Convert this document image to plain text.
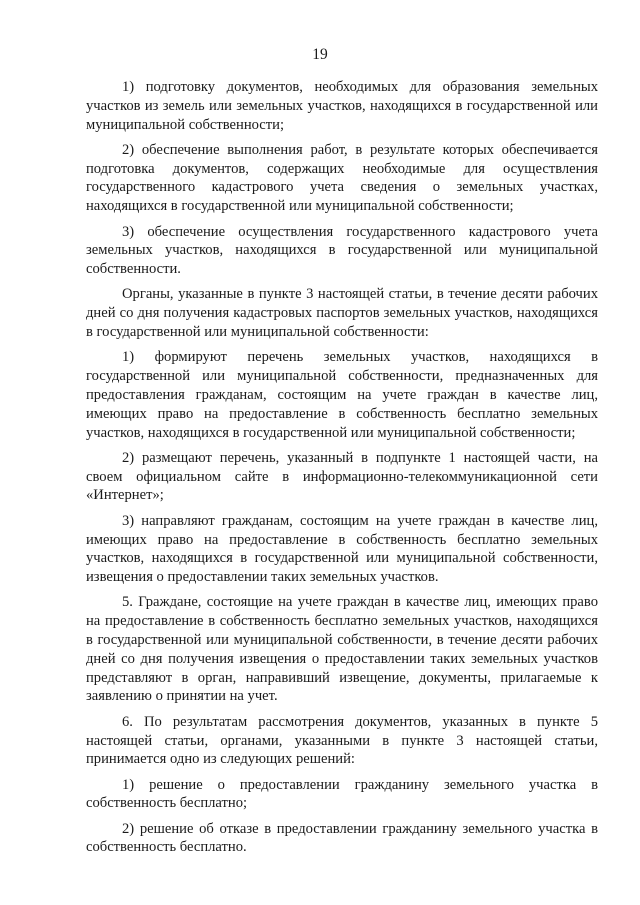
19

1) подготовку документов, необходимых для образования земельных участков из земель или земельных участков, находящихся в государственной или муниципальной собственности;

2) обеспечение выполнения работ, в результате которых обеспечивается подготовка документов, содержащих необходимые для осуществления государственного кадастрового учета сведения о земельных участках, находящихся в государственной или муниципальной собственности;

3) обеспечение осуществления государственного кадастрового учета земельных участков, находящихся в государственной или муниципальной собственности.

Органы, указанные в пункте 3 настоящей статьи, в течение десяти рабочих дней со дня получения кадастровых паспортов земельных участков, находящихся в государственной или муниципальной собственности:

1) формируют перечень земельных участков, находящихся в государственной или муниципальной собственности, предназначенных для предоставления гражданам, состоящим на учете граждан в качестве лиц, имеющих право на предоставление в собственность бесплатно земельных участков, находящихся в государственной или муниципальной собственности;

2) размещают перечень, указанный в подпункте 1 настоящей части, на своем официальном сайте в информационно-телекоммуникационной сети «Интернет»;

3) направляют гражданам, состоящим на учете граждан в качестве лиц, имеющих право на предоставление в собственность бесплатно земельных участков, находящихся в государственной или муниципальной собственности, извещения о предоставлении таких земельных участков.

5. Граждане, состоящие на учете граждан в качестве лиц, имеющих право на предоставление в собственность бесплатно земельных участков, находящихся в государственной или муниципальной собственности, в течение десяти рабочих дней со дня получения извещения о предоставлении таких земельных участков представляют в орган, направивший извещение, документы, прилагаемые к заявлению о принятии на учет.

6. По результатам рассмотрения документов, указанных в пункте 5 настоящей статьи, органами, указанными в пункте 3 настоящей статьи, принимается одно из следующих решений:

1) решение о предоставлении гражданину земельного участка в собственность бесплатно;

2) решение об отказе в предоставлении гражданину земельного участка в собственность бесплатно.
